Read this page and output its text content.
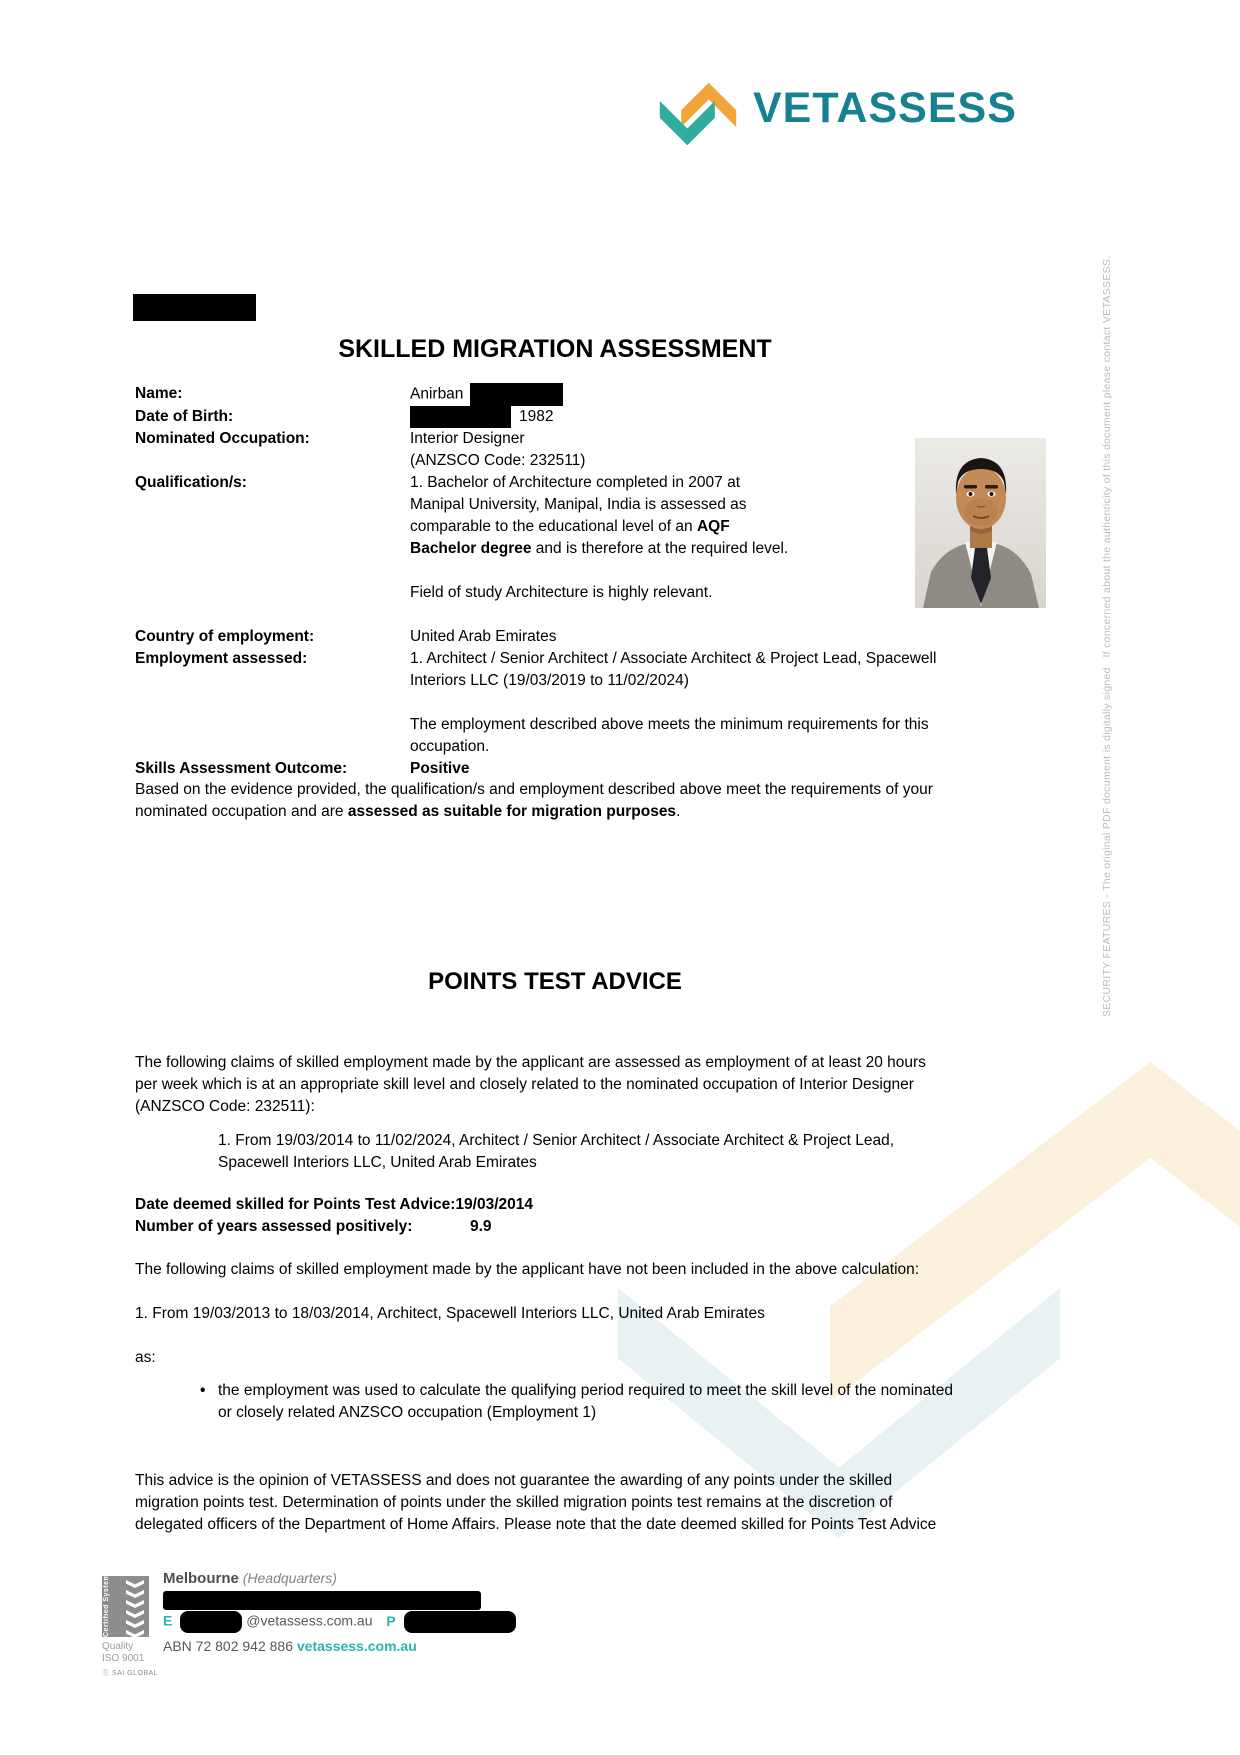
VETASSESS
SECURITY FEATURES - The original PDF document is digitally signed   If concerned about the authenticity of this document please contact VETASSESS.
SKILLED MIGRATION ASSESSMENT
Name:	Anirban
Date of Birth:	1982
Nominated Occupation:	Interior Designer
(ANZSCO Code: 232511)
Qualification/s:	1. Bachelor of Architecture completed in 2007 at
Manipal University, Manipal, India is assessed as
comparable to the educational level of an AQF
Bachelor degree and is therefore at the required level.
Field of study Architecture is highly relevant.
Country of employment:	United Arab Emirates
Employment assessed:	1. Architect / Senior Architect / Associate Architect & Project Lead, Spacewell
Interiors LLC (19/03/2019 to 11/02/2024)
The employment described above meets the minimum requirements for this
occupation.
Skills Assessment Outcome:	Positive
Based on the evidence provided, the qualification/s and employment described above meet the requirements of your
nominated occupation and are assessed as suitable for migration purposes.
POINTS TEST ADVICE
The following claims of skilled employment made by the applicant are assessed as employment of at least 20 hours
per week which is at an appropriate skill level and closely related to the nominated occupation of Interior Designer
(ANZSCO Code: 232511):
1. From 19/03/2014 to 11/02/2024, Architect / Senior Architect / Associate Architect & Project Lead,
Spacewell Interiors LLC, United Arab Emirates
Date deemed skilled for Points Test Advice:19/03/2014
Number of years assessed positively:	9.9
The following claims of skilled employment made by the applicant have not been included in the above calculation:
1. From 19/03/2013 to 18/03/2014, Architect, Spacewell Interiors LLC, United Arab Emirates
as:
• the employment was used to calculate the qualifying period required to meet the skill level of the nominated
or closely related ANZSCO occupation (Employment 1)
This advice is the opinion of VETASSESS and does not guarantee the awarding of any points under the skilled
migration points test. Determination of points under the skilled migration points test remains at the discretion of
delegated officers of the Department of Home Affairs. Please note that the date deemed skilled for Points Test Advice
Certified System
Quality
ISO 9001
Ⓢ SAI GLOBAL
Melbourne (Headquarters)
E	@vetassess.com.au P
ABN 72 802 942 886 vetassess.com.au
